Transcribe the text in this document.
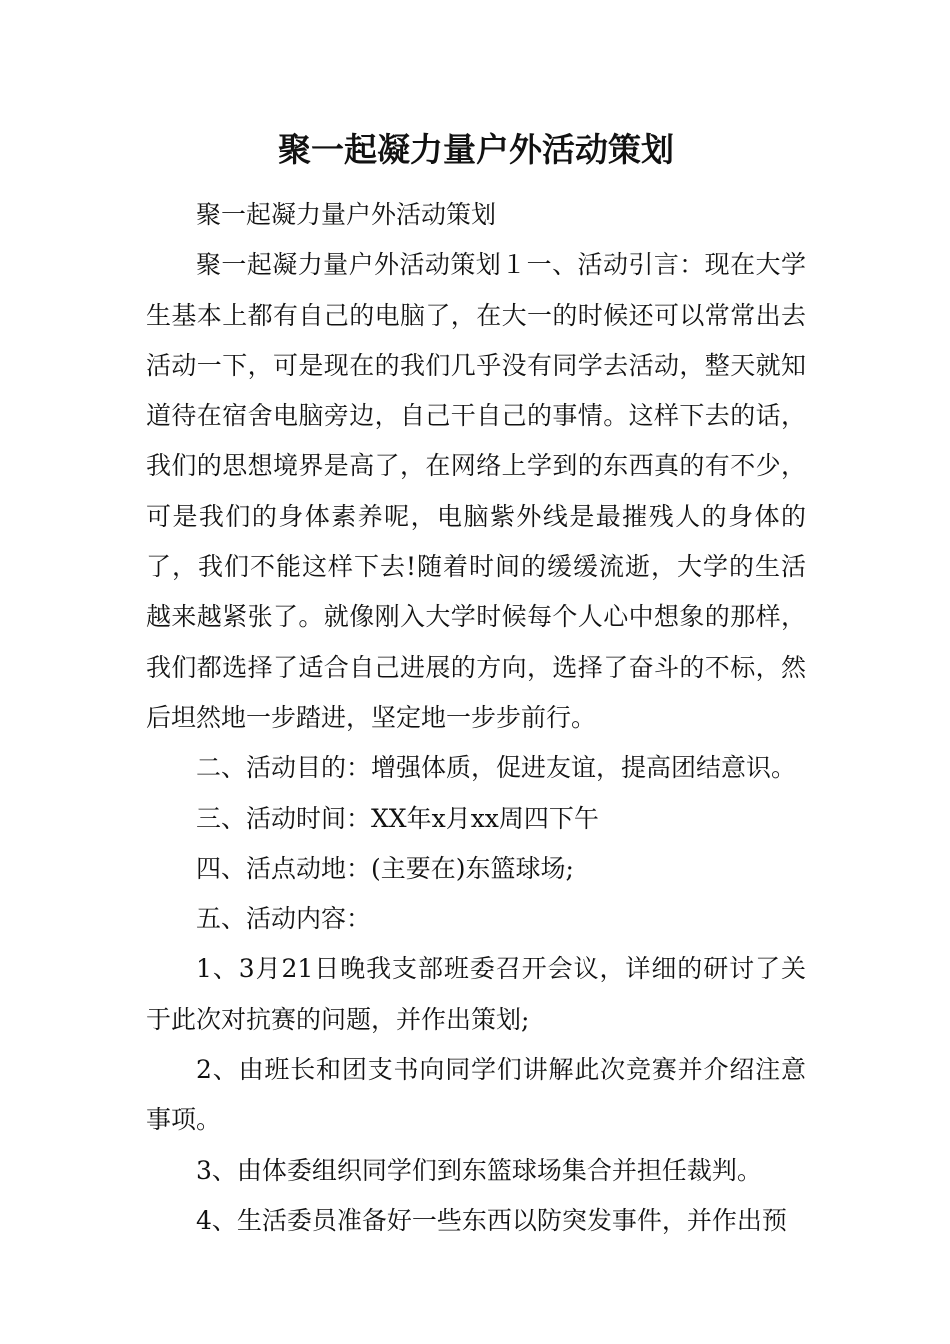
聚一起凝力量户外活动策划

聚一起凝力量户外活动策划

聚一起凝力量户外活动策划１一、活动引言：现在大学生基本上都有自己的电脑了，在大一的时候还可以常常出去活动一下，可是现在的我们几乎没有同学去活动，整天就知道待在宿舍电脑旁边，自己干自己的事情。这样下去的话，我们的思想境界是高了，在网络上学到的东西真的有不少，可是我们的身体素养呢，电脑紫外线是最摧残人的身体的了，我们不能这样下去!随着时间的缓缓流逝，大学的生活越来越紧张了。就像刚入大学时候每个人心中想象的那样，我们都选择了适合自己进展的方向，选择了奋斗的不标，然后坦然地一步踏进，坚定地一步步前行。

二、活动目的：增强体质，促进友谊，提高团结意识。

三、活动时间：XX年x月xx周四下午

四、活点动地：(主要在)东篮球场;

五、活动内容：

1、3月21日晚我支部班委召开会议，详细的研讨了关于此次对抗赛的问题，并作出策划;

2、由班长和团支书向同学们讲解此次竞赛并介绍注意事项。

3、由体委组织同学们到东篮球场集合并担任裁判。

4、生活委员准备好一些东西以防突发事件，并作出预
